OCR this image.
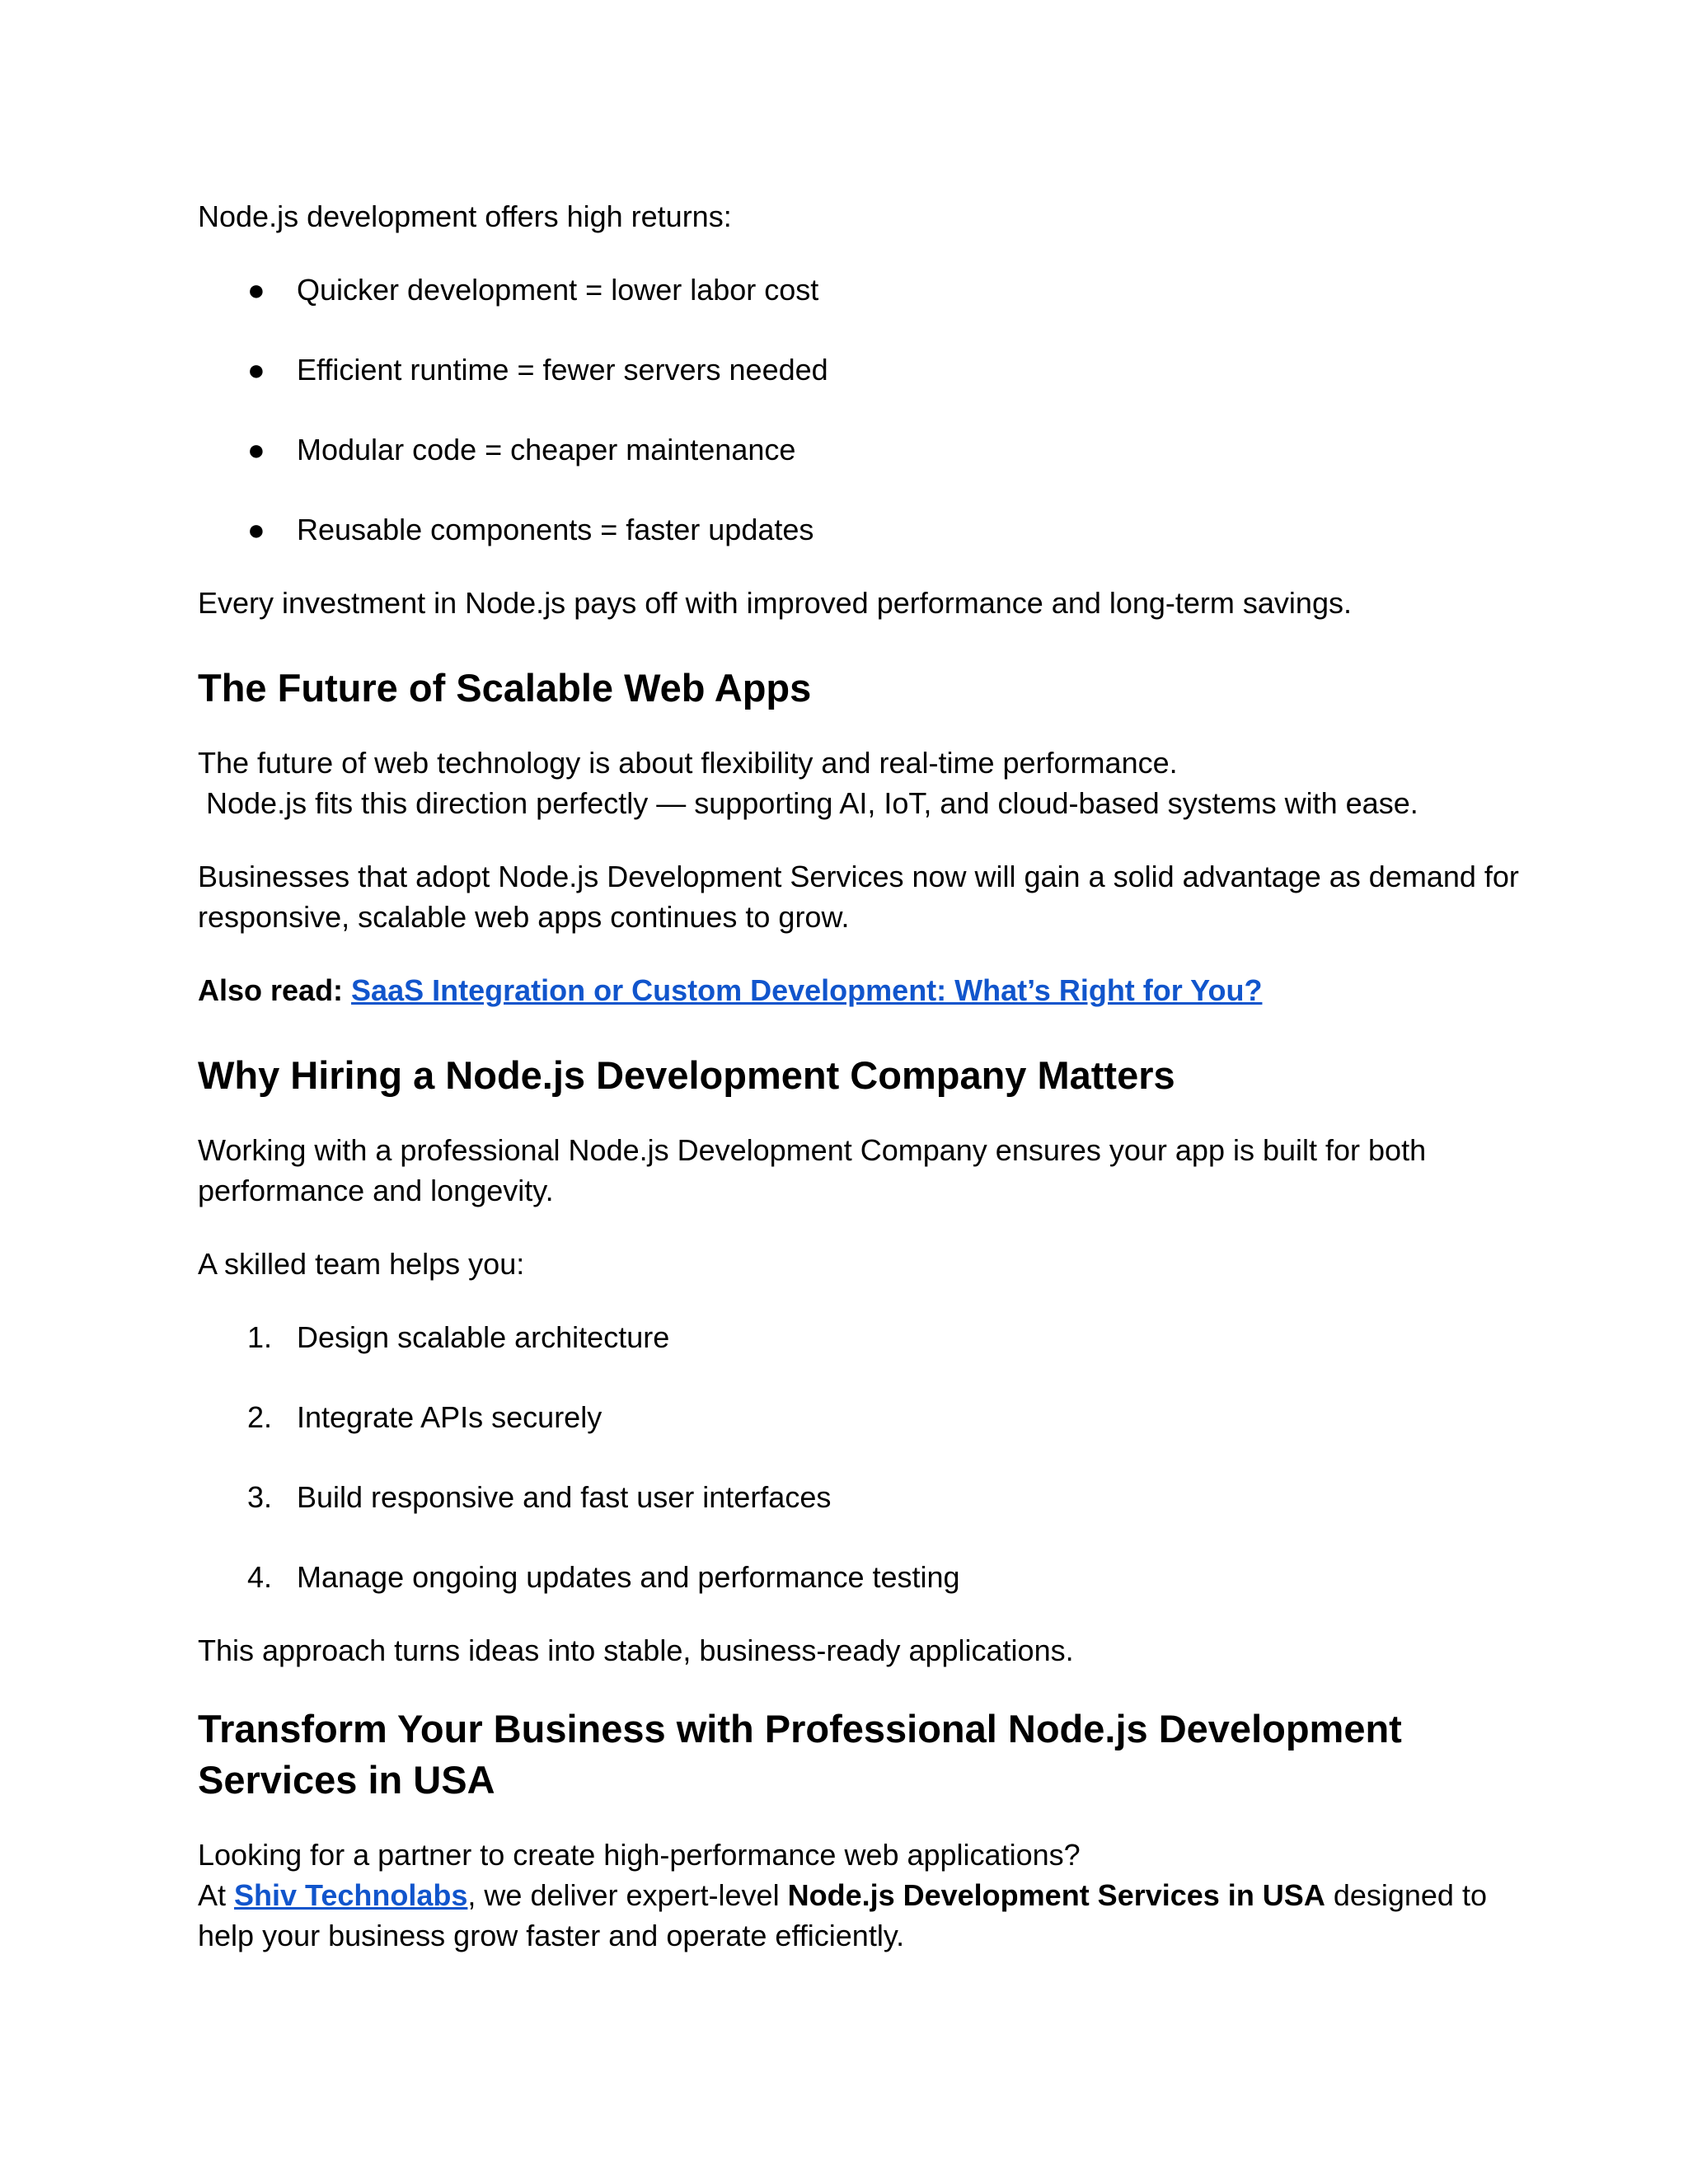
Node.js development offers high returns:

● Quicker development = lower labor cost
● Efficient runtime = fewer servers needed
● Modular code = cheaper maintenance
● Reusable components = faster updates

Every investment in Node.js pays off with improved performance and long-term savings.

The Future of Scalable Web Apps

The future of web technology is about flexibility and real-time performance.
Node.js fits this direction perfectly — supporting AI, IoT, and cloud-based systems with ease.

Businesses that adopt Node.js Development Services now will gain a solid advantage as demand for responsive, scalable web apps continues to grow.

Also read: SaaS Integration or Custom Development: What’s Right for You?

Why Hiring a Node.js Development Company Matters

Working with a professional Node.js Development Company ensures your app is built for both performance and longevity.

A skilled team helps you:

1. Design scalable architecture
2. Integrate APIs securely
3. Build responsive and fast user interfaces
4. Manage ongoing updates and performance testing

This approach turns ideas into stable, business-ready applications.

Transform Your Business with Professional Node.js Development Services in USA

Looking for a partner to create high-performance web applications?
At Shiv Technolabs, we deliver expert-level Node.js Development Services in USA designed to help your business grow faster and operate efficiently.
